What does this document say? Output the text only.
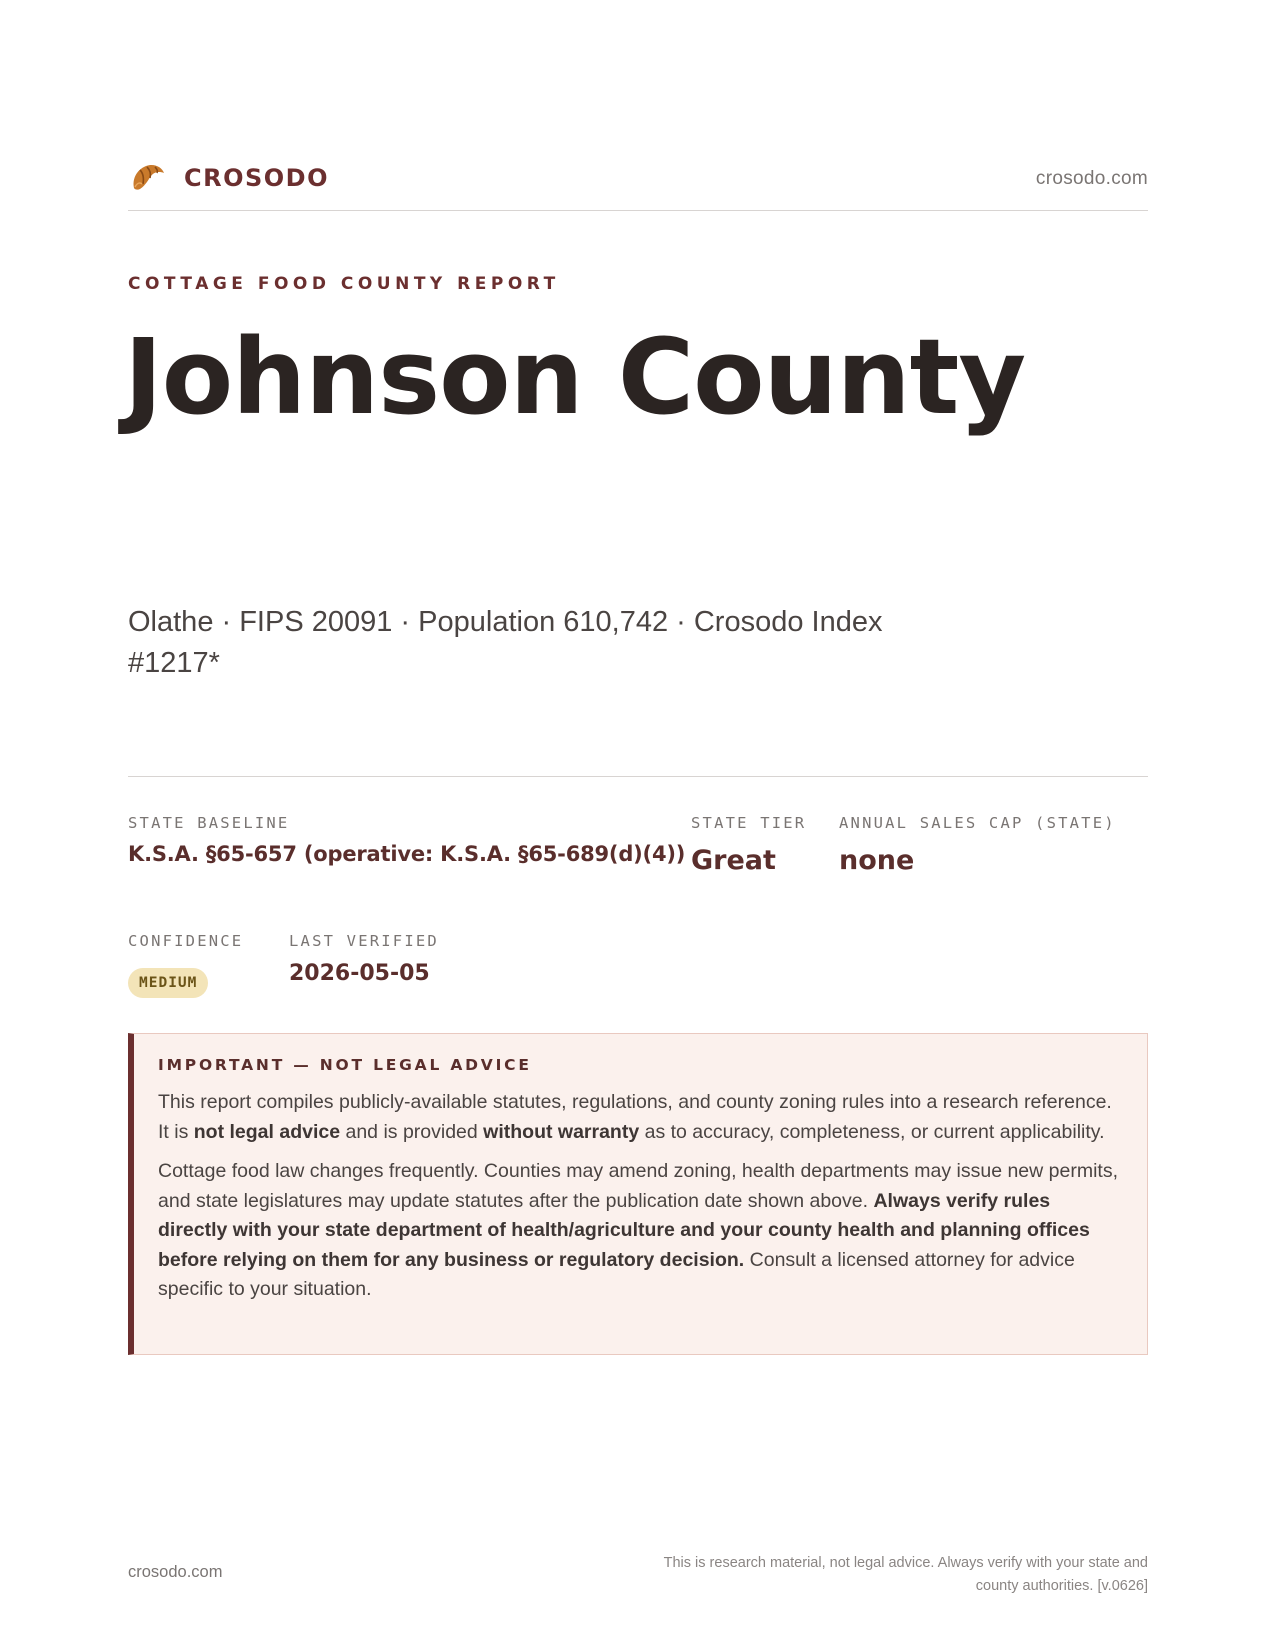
CROSODO	crosodo.com
COTTAGE FOOD COUNTY REPORT
Johnson County
Olathe · FIPS 20091 · Population 610,742 · Crosodo Index #1217*
STATE BASELINE
K.S.A. §65-657 (operative: K.S.A. §65-689(d)(4))
STATE TIER
Great
ANNUAL SALES CAP (STATE)
none
CONFIDENCE
MEDIUM
LAST VERIFIED
2026-05-05
IMPORTANT — NOT LEGAL ADVICE

This report compiles publicly-available statutes, regulations, and county zoning rules into a research reference. It is not legal advice and is provided without warranty as to accuracy, completeness, or current applicability.

Cottage food law changes frequently. Counties may amend zoning, health departments may issue new permits, and state legislatures may update statutes after the publication date shown above. Always verify rules directly with your state department of health/agriculture and your county health and planning offices before relying on them for any business or regulatory decision. Consult a licensed attorney for advice specific to your situation.

crosodo.com	This is research material, not legal advice. Always verify with your state and county authorities. [v.0626]
